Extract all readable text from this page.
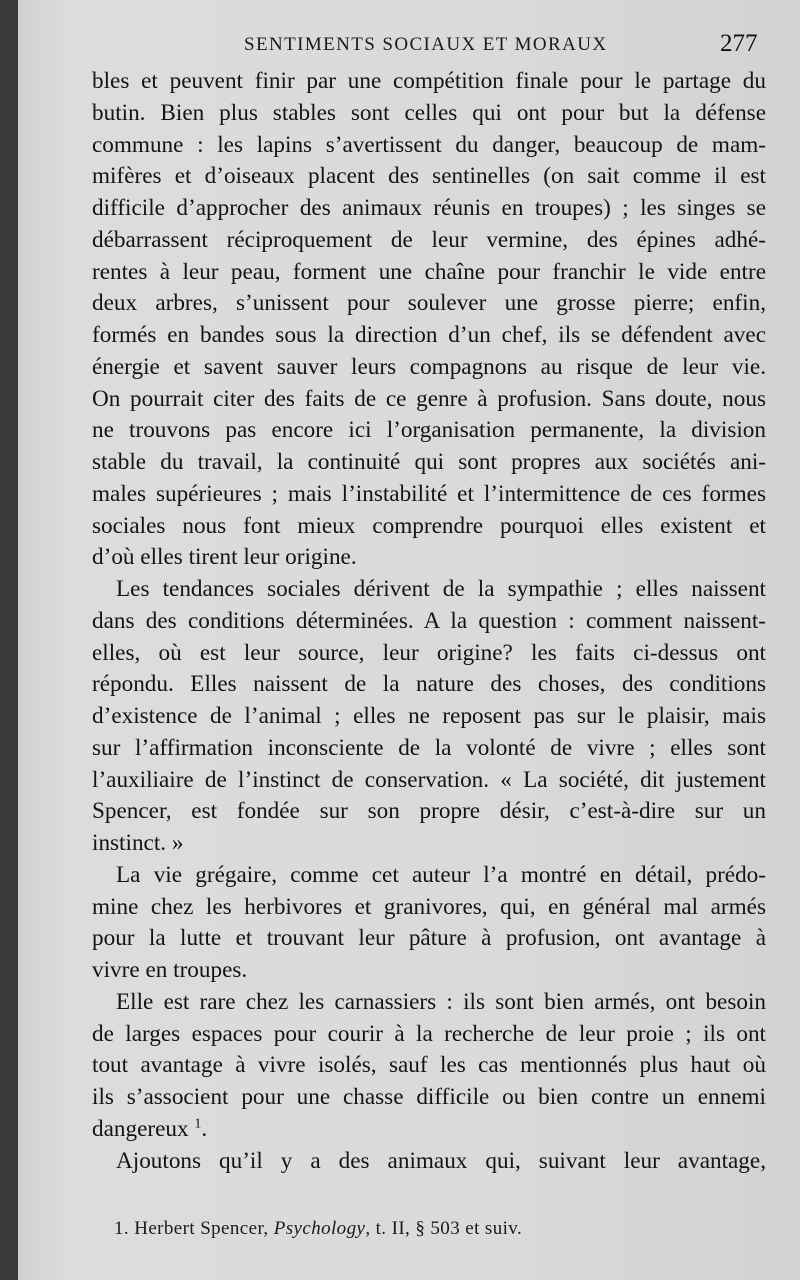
SENTIMENTS SOCIAUX ET MORAUX	277
bles et peuvent finir par une compétition finale pour le partage du
butin. Bien plus stables sont celles qui ont pour but la défense
commune : les lapins s’avertissent du danger, beaucoup de mam-
mifères et d’oiseaux placent des sentinelles (on sait comme il est
difficile d’approcher des animaux réunis en troupes) ; les singes se
débarrassent réciproquement de leur vermine, des épines adhé-
rentes à leur peau, forment une chaîne pour franchir le vide entre
deux arbres, s’unissent pour soulever une grosse pierre; enfin,
formés en bandes sous la direction d’un chef, ils se défendent avec
énergie et savent sauver leurs compagnons au risque de leur vie.
On pourrait citer des faits de ce genre à profusion. Sans doute, nous
ne trouvons pas encore ici l’organisation permanente, la division
stable du travail, la continuité qui sont propres aux sociétés ani-
males supérieures ; mais l’instabilité et l’intermittence de ces formes
sociales nous font mieux comprendre pourquoi elles existent et
d’où elles tirent leur origine.
Les tendances sociales dérivent de la sympathie ; elles naissent
dans des conditions déterminées. A la question : comment naissent-
elles, où est leur source, leur origine? les faits ci-dessus ont
répondu. Elles naissent de la nature des choses, des conditions
d’existence de l’animal ; elles ne reposent pas sur le plaisir, mais
sur l’affirmation inconsciente de la volonté de vivre ; elles sont
l’auxiliaire de l’instinct de conservation. « La société, dit justement
Spencer, est fondée sur son propre désir, c’est-à-dire sur un
instinct. »
La vie grégaire, comme cet auteur l’a montré en détail, prédo-
mine chez les herbivores et granivores, qui, en général mal armés
pour la lutte et trouvant leur pâture à profusion, ont avantage à
vivre en troupes.
Elle est rare chez les carnassiers : ils sont bien armés, ont besoin
de larges espaces pour courir à la recherche de leur proie ; ils ont
tout avantage à vivre isolés, sauf les cas mentionnés plus haut où
ils s’associent pour une chasse difficile ou bien contre un ennemi
dangereux $^1$.
Ajoutons qu’il y a des animaux qui, suivant leur avantage,
1. Herbert Spencer, Psychology, t. II, § 503 et suiv.
